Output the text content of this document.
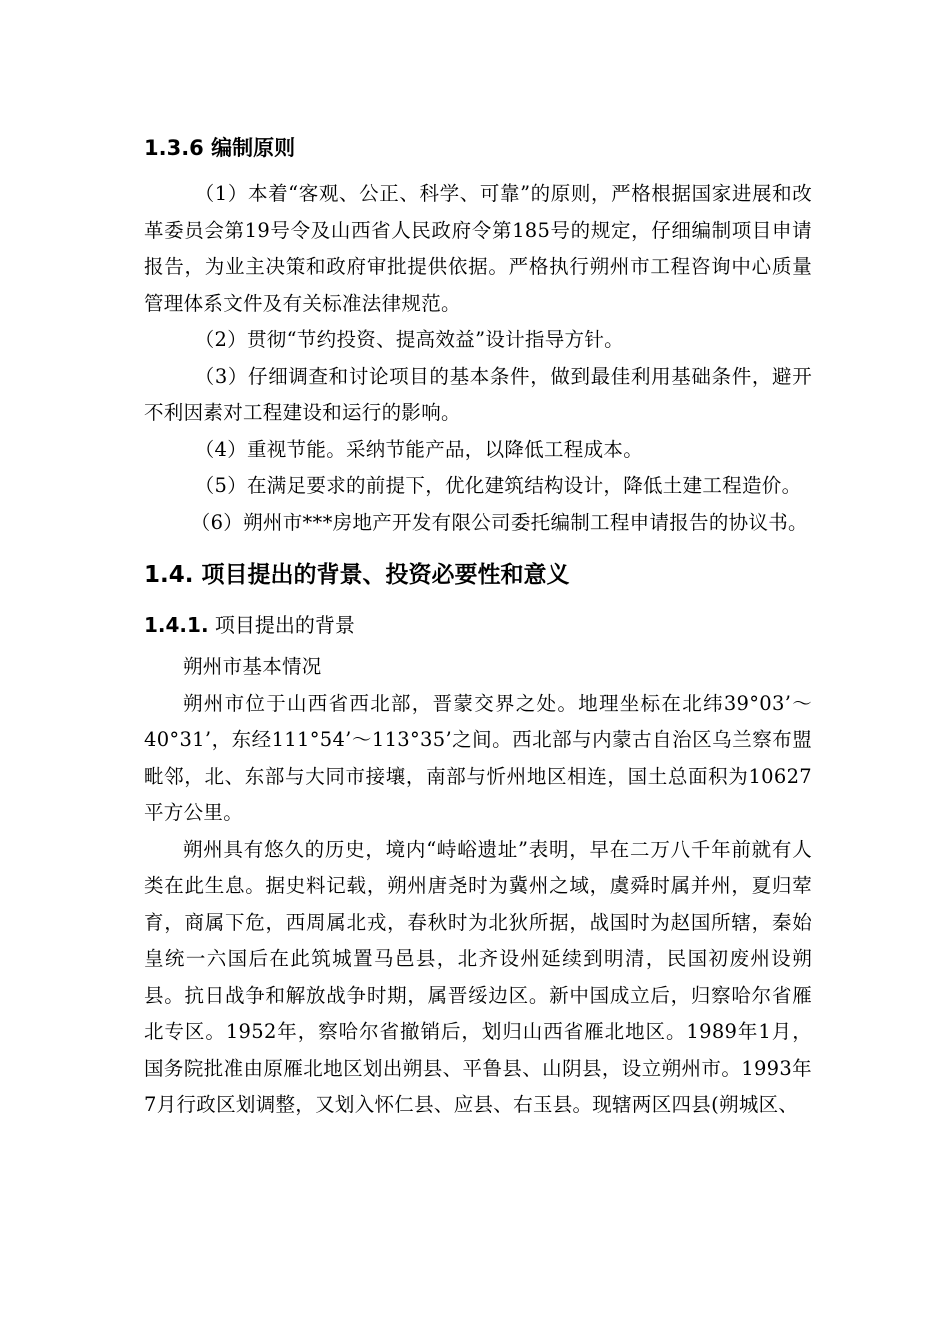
1.3.6 编制原则

（1）本着“客观、公正、科学、可靠”的原则，严格根据国家进展和改革委员会第19号令及山西省人民政府令第185号的规定，仔细编制项目申请报告，为业主决策和政府审批提供依据。严格执行朔州市工程咨询中心质量管理体系文件及有关标准法律规范。

（2）贯彻“节约投资、提高效益”设计指导方针。

（3）仔细调查和讨论项目的基本条件，做到最佳利用基础条件，避开不利因素对工程建设和运行的影响。

（4）重视节能。采纳节能产品，以降低工程成本。

（5）在满足要求的前提下，优化建筑结构设计，降低土建工程造价。

（6）朔州市***房地产开发有限公司委托编制工程申请报告的协议书。

1.4. 项目提出的背景、投资必要性和意义
1.4.1. 项目提出的背景

朔州市基本情况

朔州市位于山西省西北部，晋蒙交界之处。地理坐标在北纬39°03’～40°31’，东经111°54’～113°35’之间。西北部与内蒙古自治区乌兰察布盟毗邻，北、东部与大同市接壤，南部与忻州地区相连，国土总面积为10627平方公里。

朔州具有悠久的历史，境内“峙峪遗址”表明，早在二万八千年前就有人类在此生息。据史料记载，朔州唐尧时为冀州之域，虞舜时属并州，夏归荤育，商属下危，西周属北戎，春秋时为北狄所据，战国时为赵国所辖，秦始皇统一六国后在此筑城置马邑县，北齐设州延续到明清，民国初废州设朔县。抗日战争和解放战争时期，属晋绥边区。新中国成立后，归察哈尔省雁北专区。1952年，察哈尔省撤销后，划归山西省雁北地区。1989年1月，国务院批准由原雁北地区划出朔县、平鲁县、山阴县，设立朔州市。1993年7月行政区划调整，又划入怀仁县、应县、右玉县。现辖两区四县(朔城区、
